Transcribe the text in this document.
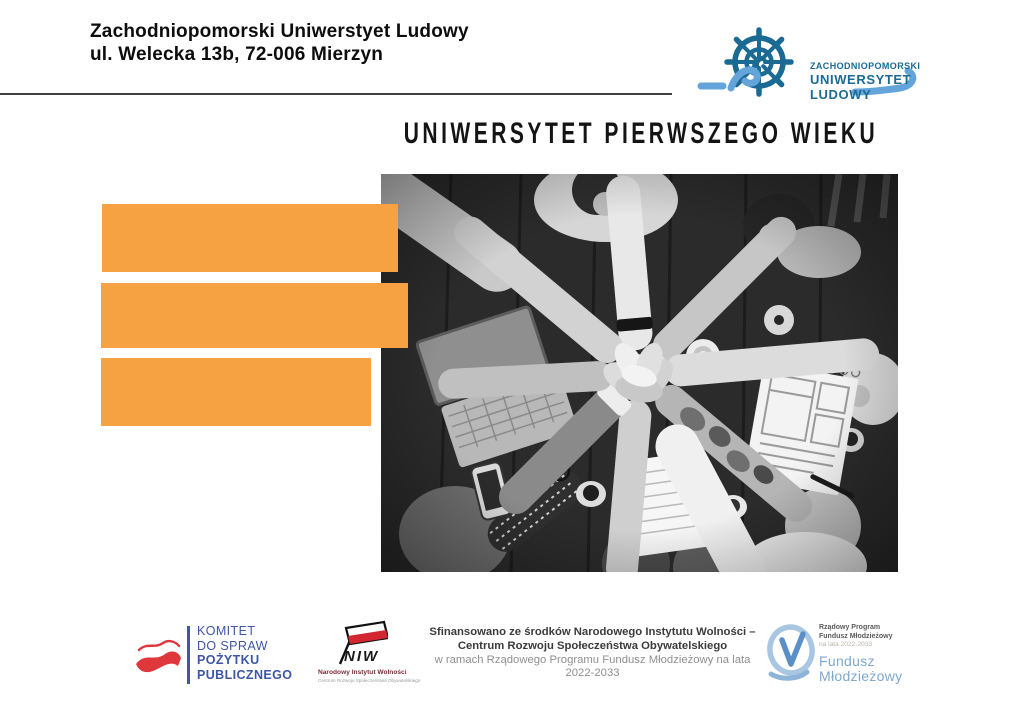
Zachodniopomorski Uniwerstyet Ludowy
ul. Welecka 13b, 72-006 Mierzyn
ZACHODNIOPOMORSKI
UNIWERSYTET
LUDOWY
UNIWERSYTET PIERWSZEGO WIEKU
KOMITET
DO SPRAW
POŻYTKU
PUBLICZNEGO
NIW
Narodowy Instytut Wolności
Centrum Rozwoju Społeczeństwa Obywatelskiego
Sfinansowano ze środków Narodowego Instytutu Wolności –
Centrum Rozwoju Społeczeństwa Obywatelskiego
w ramach Rządowego Programu Fundusz Młodzieżowy na lata 2022-2033
Rządowy Program
Fundusz Młodzieżowy
na lata 2022-2033
Fundusz
Młodzieżowy
